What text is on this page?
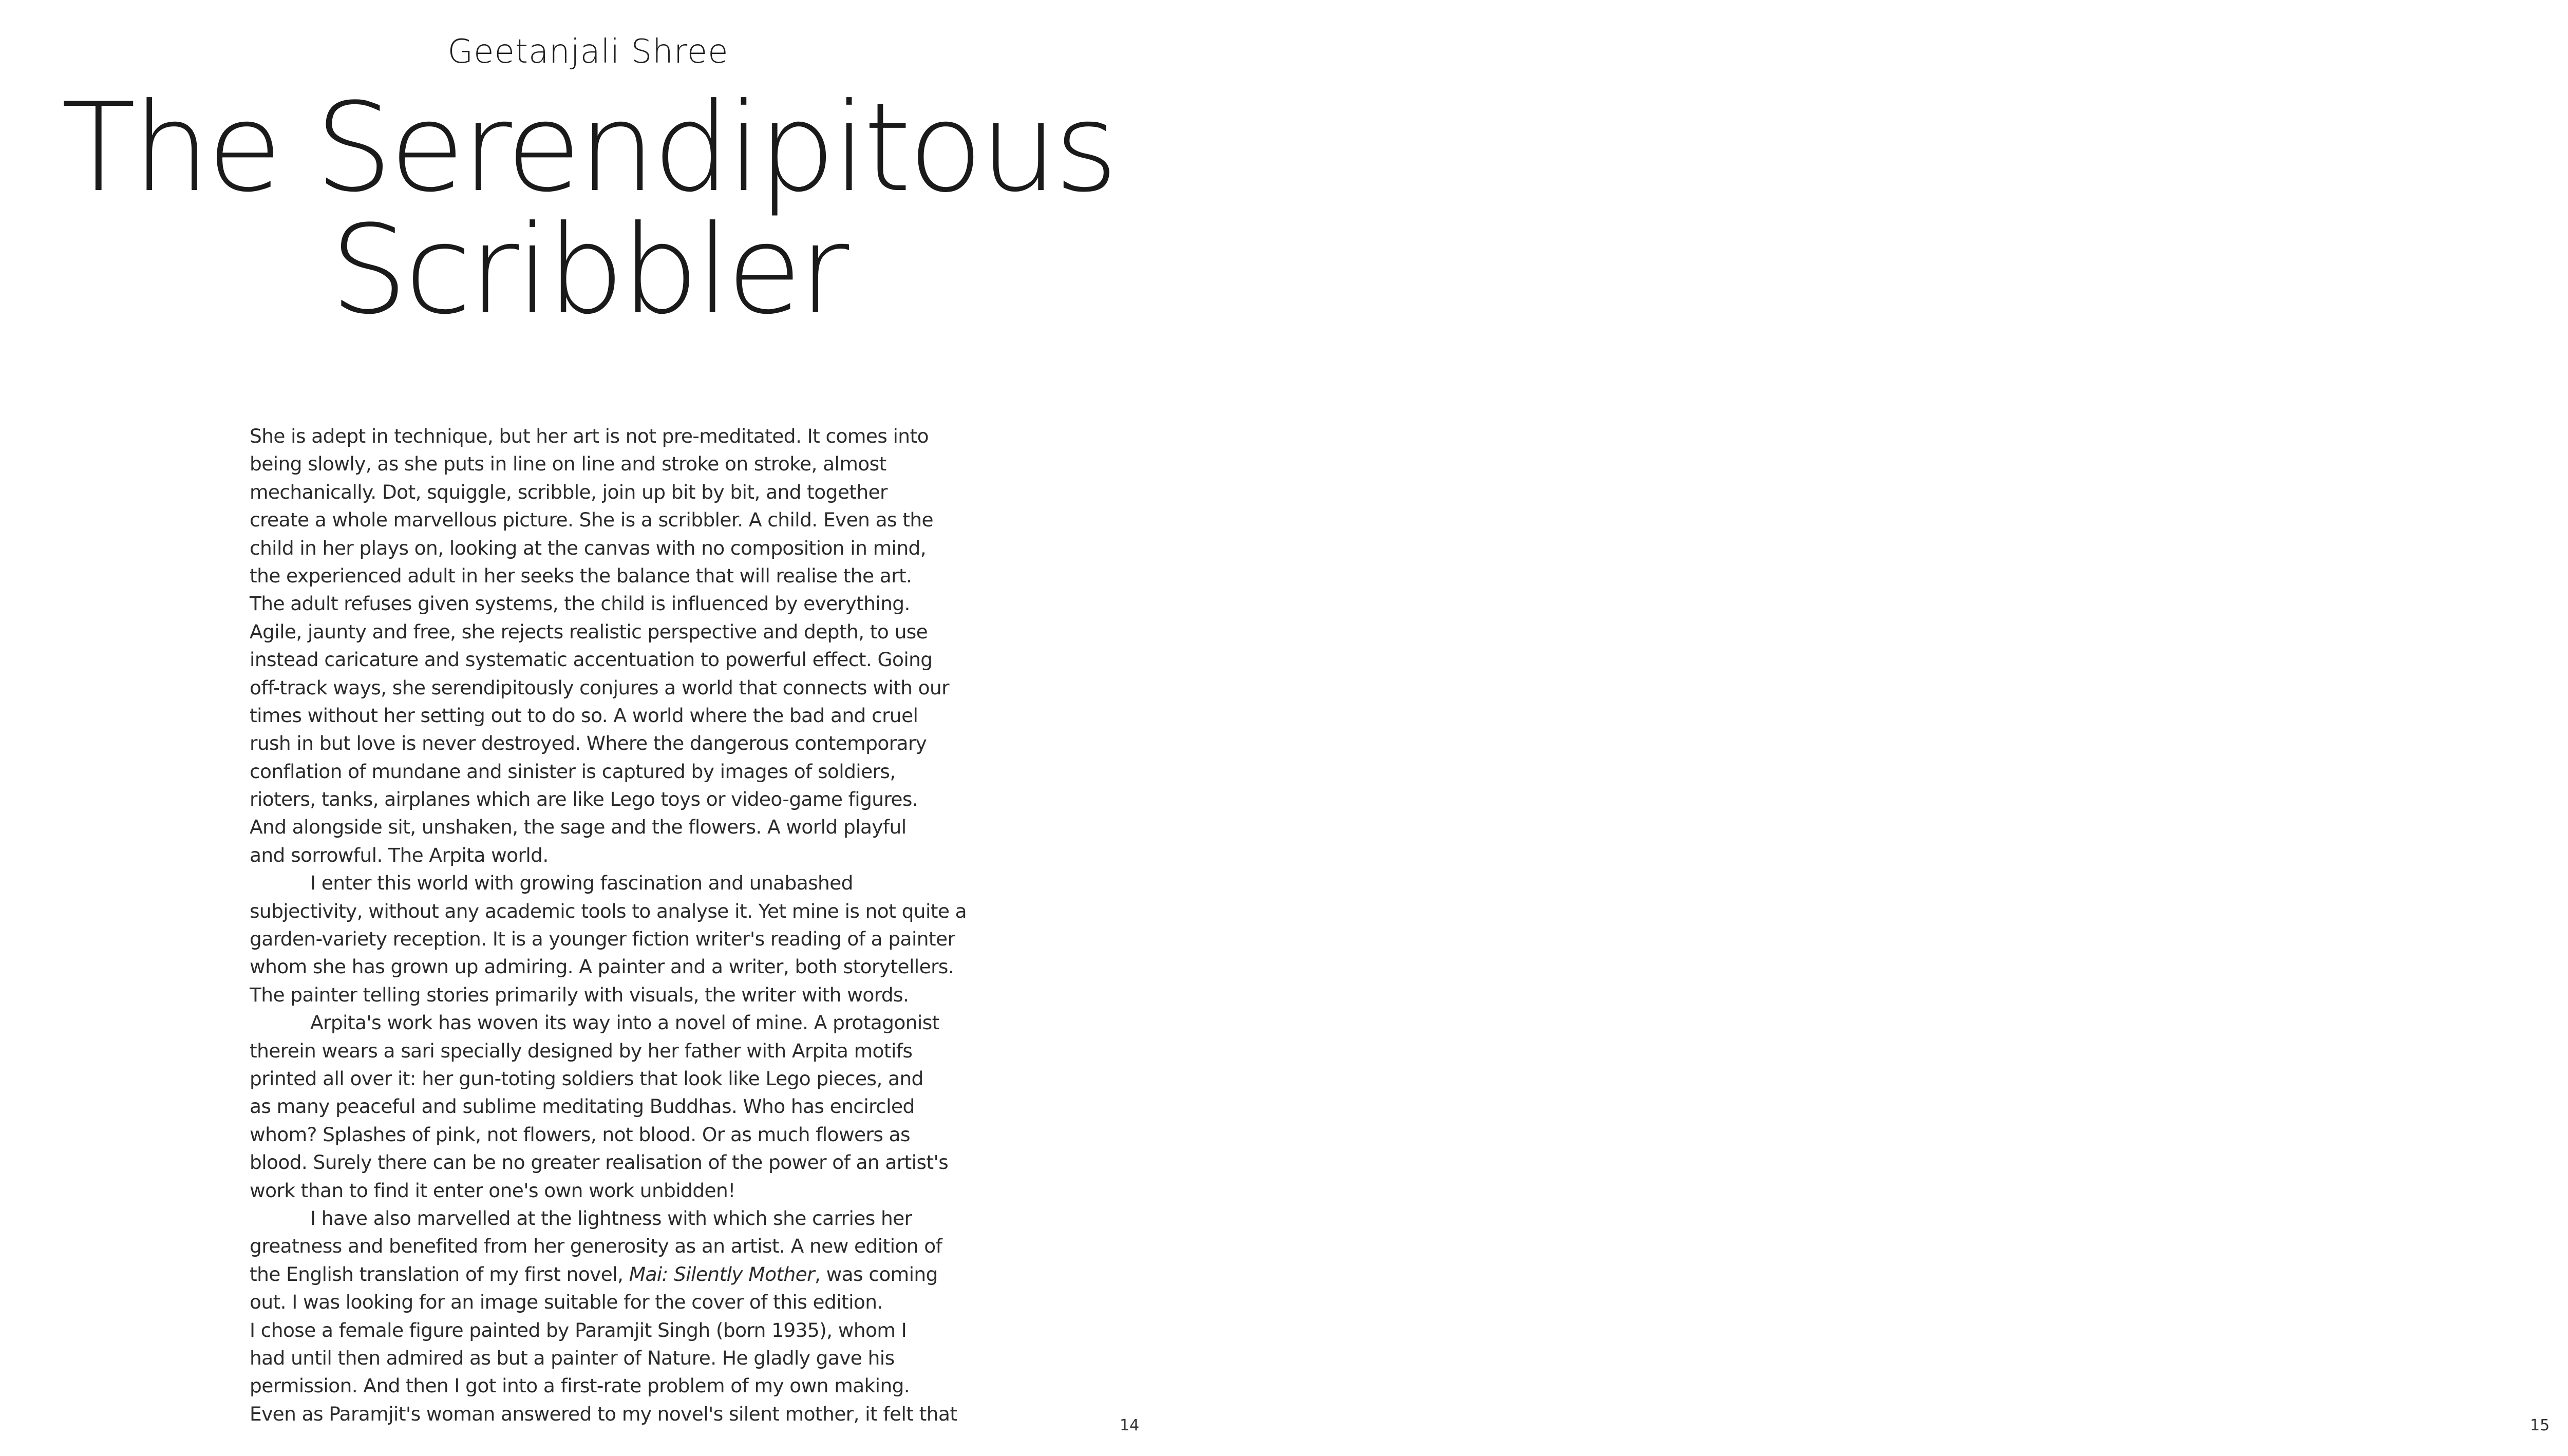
Geetanjali Shree
The Serendipitous
Scribbler
She is adept in technique, but her art is not pre-meditated. It comes into
being slowly, as she puts in line on line and stroke on stroke, almost
mechanically. Dot, squiggle, scribble, join up bit by bit, and together
create a whole marvellous picture. She is a scribbler. A child. Even as the
child in her plays on, looking at the canvas with no composition in mind,
the experienced adult in her seeks the balance that will realise the art.
The adult refuses given systems, the child is influenced by everything.
Agile, jaunty and free, she rejects realistic perspective and depth, to use
instead caricature and systematic accentuation to powerful effect. Going
off-track ways, she serendipitously conjures a world that connects with our
times without her setting out to do so. A world where the bad and cruel
rush in but love is never destroyed. Where the dangerous contemporary
conflation of mundane and sinister is captured by images of soldiers,
rioters, tanks, airplanes which are like Lego toys or video-game figures.
And alongside sit, unshaken, the sage and the flowers. A world playful
and sorrowful. The Arpita world.
I enter this world with growing fascination and unabashed
subjectivity, without any academic tools to analyse it. Yet mine is not quite a
garden-variety reception. It is a younger fiction writer's reading of a painter
whom she has grown up admiring. A painter and a writer, both storytellers.
The painter telling stories primarily with visuals, the writer with words.
Arpita's work has woven its way into a novel of mine. A protagonist
therein wears a sari specially designed by her father with Arpita motifs
printed all over it: her gun-toting soldiers that look like Lego pieces, and
as many peaceful and sublime meditating Buddhas. Who has encircled
whom? Splashes of pink, not flowers, not blood. Or as much flowers as
blood. Surely there can be no greater realisation of the power of an artist's
work than to find it enter one's own work unbidden!
I have also marvelled at the lightness with which she carries her
greatness and benefited from her generosity as an artist. A new edition of
the English translation of my first novel, Mai: Silently Mother, was coming
out. I was looking for an image suitable for the cover of this edition.
I chose a female figure painted by Paramjit Singh (born 1935), whom I
had until then admired as but a painter of Nature. He gladly gave his
permission. And then I got into a first-rate problem of my own making.
Even as Paramjit's woman answered to my novel's silent mother, it felt that
14	15
